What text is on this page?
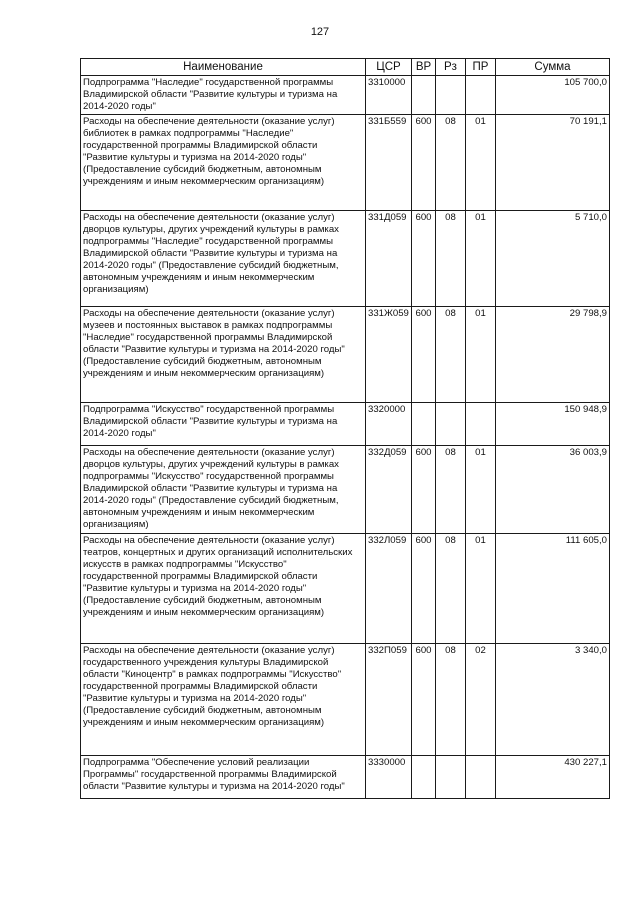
127
Наименование	ЦСР	ВР	Рз	ПР	Сумма
Подпрограмма "Наследие" государственной программы Владимирской области "Развитие культуры и туризма на 2014-2020 годы"	3310000				105 700,0
Расходы на обеспечение деятельности (оказание услуг) библиотек в рамках подпрограммы "Наследие" государственной программы Владимирской области "Развитие культуры и туризма на 2014-2020 годы" (Предоставление субсидий бюджетным, автономным учреждениям и иным некоммерческим организациям)	331Б559	600	08	01	70 191,1
Расходы на обеспечение деятельности (оказание услуг) дворцов культуры, других учреждений культуры в рамках подпрограммы "Наследие" государственной программы Владимирской области "Развитие культуры и туризма на 2014-2020 годы" (Предоставление субсидий бюджетным, автономным учреждениям и иным некоммерческим организациям)	331Д059	600	08	01	5 710,0
Расходы на обеспечение деятельности (оказание услуг) музеев и постоянных выставок в рамках подпрограммы "Наследие" государственной программы Владимирской области "Развитие культуры и туризма на 2014-2020 годы" (Предоставление субсидий бюджетным, автономным учреждениям и иным некоммерческим организациям)	331Ж059	600	08	01	29 798,9
Подпрограмма "Искусство" государственной программы Владимирской области "Развитие культуры и туризма на 2014-2020 годы"	3320000				150 948,9
Расходы на обеспечение деятельности (оказание услуг) дворцов культуры, других учреждений культуры в рамках подпрограммы "Искусство" государственной программы Владимирской области "Развитие культуры и туризма на 2014-2020 годы" (Предоставление субсидий бюджетным, автономным учреждениям и иным некоммерческим организациям)	332Д059	600	08	01	36 003,9
Расходы на обеспечение деятельности (оказание услуг) театров, концертных и других организаций исполнительских искусств в рамках подпрограммы "Искусство" государственной программы Владимирской области "Развитие культуры и туризма на 2014-2020 годы" (Предоставление субсидий бюджетным, автономным учреждениям и иным некоммерческим организациям)	332Л059	600	08	01	111 605,0
Расходы на обеспечение деятельности (оказание услуг) государственного учреждения культуры Владимирской области "Киноцентр" в рамках подпрограммы "Искусство" государственной программы Владимирской области "Развитие культуры и туризма на 2014-2020 годы" (Предоставление субсидий бюджетным, автономным учреждениям и иным некоммерческим организациям)	332П059	600	08	02	3 340,0
Подпрограмма "Обеспечение условий реализации Программы" государственной программы Владимирской области "Развитие культуры и туризма на 2014-2020 годы"	3330000				430 227,1
